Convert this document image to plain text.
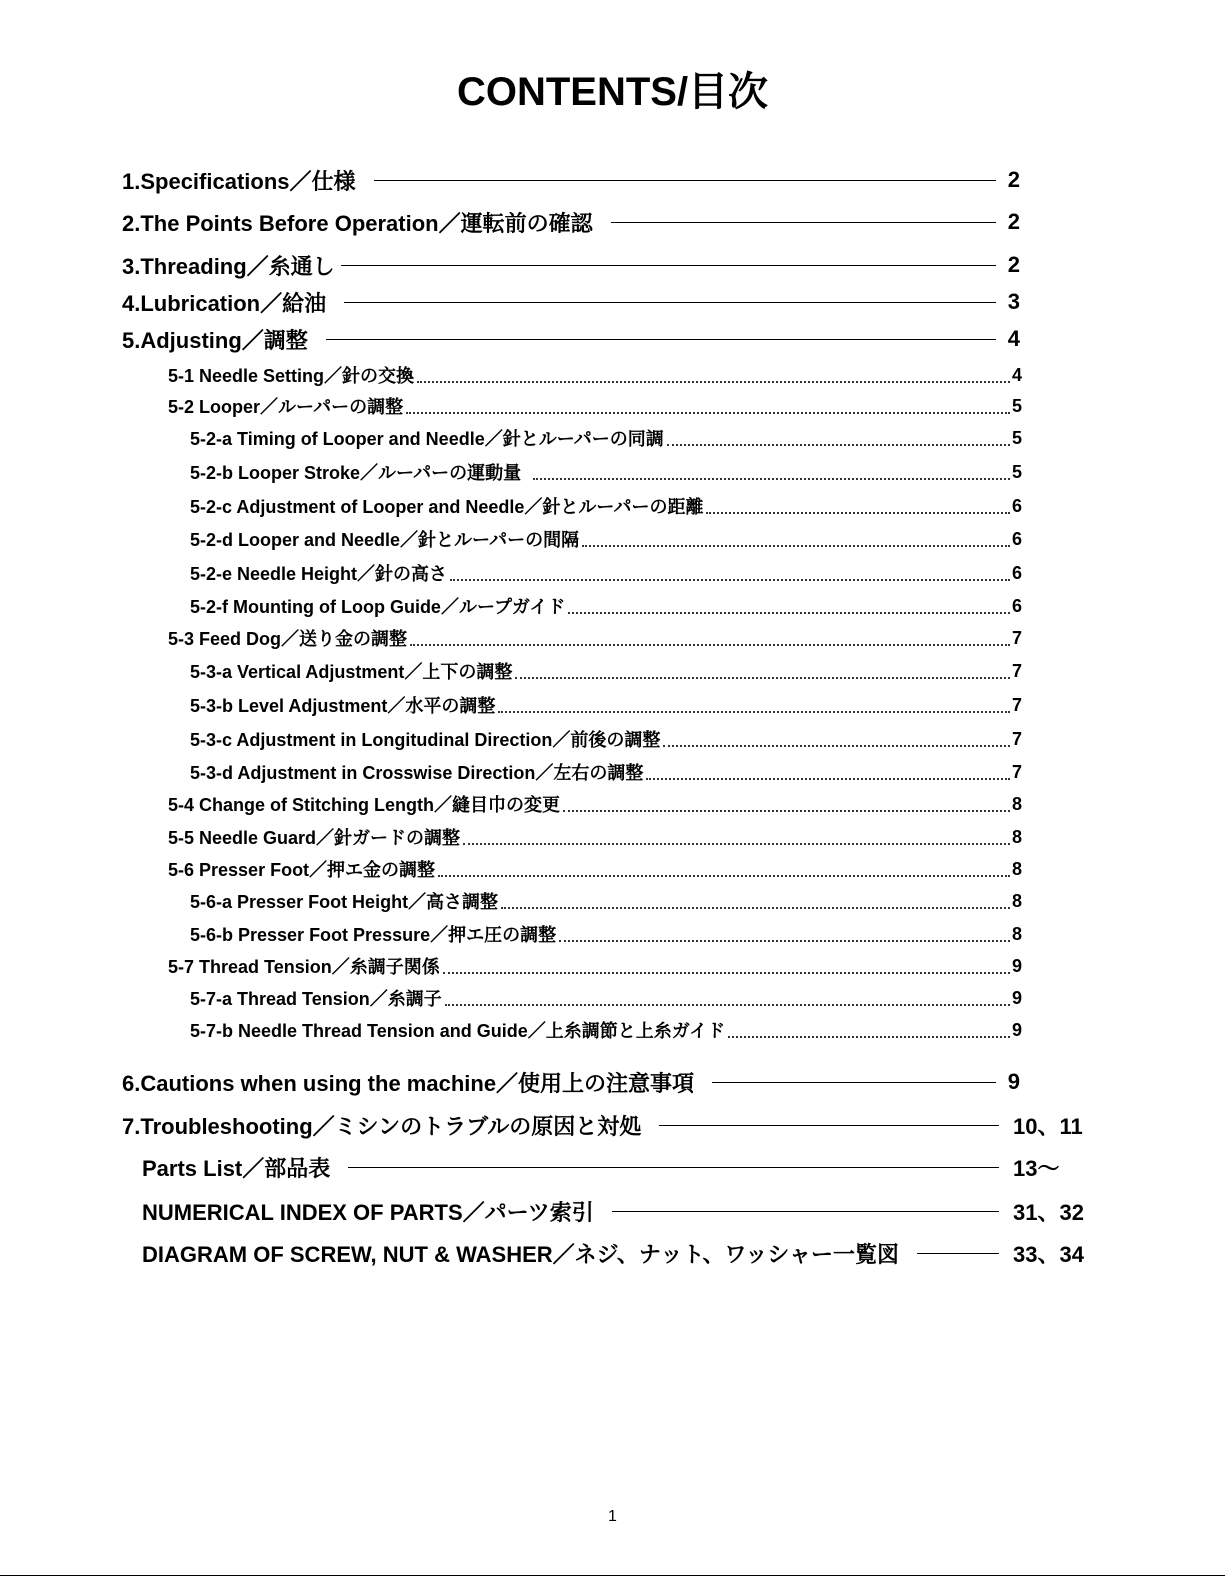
CONTENTS/目次
1.Specifications／仕様	2
2.The Points Before Operation／運転前の確認	2
3.Threading／糸通し	2
4.Lubrication／給油	3
5.Adjusting／調整	4
5-1 Needle Setting／針の交換	4
5-2 Looper／ルーパーの調整	5
5-2-a Timing of Looper and Needle／針とルーパーの同調	5
5-2-b Looper Stroke／ルーパーの運動量	5
5-2-c Adjustment of Looper and Needle／針とルーパーの距離	6
5-2-d Looper and Needle／針とルーパーの間隔	6
5-2-e Needle Height／針の高さ	6
5-2-f Mounting of Loop Guide／ループガイド	6
5-3 Feed Dog／送り金の調整	7
5-3-a Vertical Adjustment／上下の調整	7
5-3-b Level Adjustment／水平の調整	7
5-3-c Adjustment in Longitudinal Direction／前後の調整	7
5-3-d Adjustment in Crosswise Direction／左右の調整	7
5-4 Change of Stitching Length／縫目巾の変更	8
5-5 Needle Guard／針ガードの調整	8
5-6 Presser Foot／押エ金の調整	8
5-6-a Presser Foot Height／高さ調整	8
5-6-b Presser Foot Pressure／押エ圧の調整	8
5-7 Thread Tension／糸調子関係	9
5-7-a Thread Tension／糸調子	9
5-7-b Needle Thread Tension and Guide／上糸調節と上糸ガイド	9
6.Cautions when using the machine／使用上の注意事項	9
7.Troubleshooting／ミシンのトラブルの原因と対処	10、11
Parts List／部品表	13～
NUMERICAL INDEX OF PARTS／パーツ索引	31、32
DIAGRAM OF SCREW, NUT & WASHER／ネジ、ナット、ワッシャー一覧図	33、34
1
